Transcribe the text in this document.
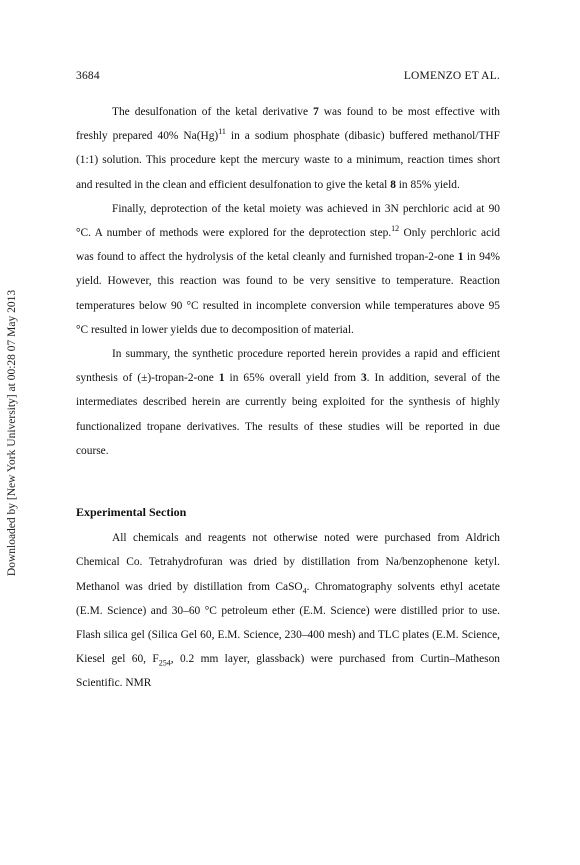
Downloaded by [New York University] at 00:28 07 May 2013
3684	LOMENZO ET AL.

The desulfonation of the ketal derivative 7 was found to be most effective with freshly prepared 40% $Na(Hg)^{11}$ in a sodium phosphate (dibasic) buffered methanol/THF (1:1) solution. This procedure kept the mercury waste to a minimum, reaction times short and resulted in the clean and efficient desulfonation to give the ketal 8 in 85% yield.

Finally, deprotection of the ketal moiety was achieved in 3N perchloric acid at 90 °C. A number of methods were explored for the deprotection step.$^{12}$ Only perchloric acid was found to affect the hydrolysis of the ketal cleanly and furnished tropan-2-one 1 in 94% yield. However, this reaction was found to be very sensitive to temperature. Reaction temperatures below 90 °C resulted in incomplete conversion while temperatures above 95 °C resulted in lower yields due to decomposition of material.

In summary, the synthetic procedure reported herein provides a rapid and efficient synthesis of (±)-tropan-2-one 1 in 65% overall yield from 3. In addition, several of the intermediates described herein are currently being exploited for the synthesis of highly functionalized tropane derivatives. The results of these studies will be reported in due course.

Experimental Section

All chemicals and reagents not otherwise noted were purchased from Aldrich Chemical Co. Tetrahydrofuran was dried by distillation from Na/benzophenone ketyl. Methanol was dried by distillation from CaSO$_4$. Chromatography solvents ethyl acetate (E.M. Science) and 30–60 °C petroleum ether (E.M. Science) were distilled prior to use. Flash silica gel (Silica Gel 60, E.M. Science, 230–400 mesh) and TLC plates (E.M. Science, Kiesel gel 60, $F_{254}$, 0.2 mm layer, glassback) were purchased from Curtin–Matheson Scientific. NMR
